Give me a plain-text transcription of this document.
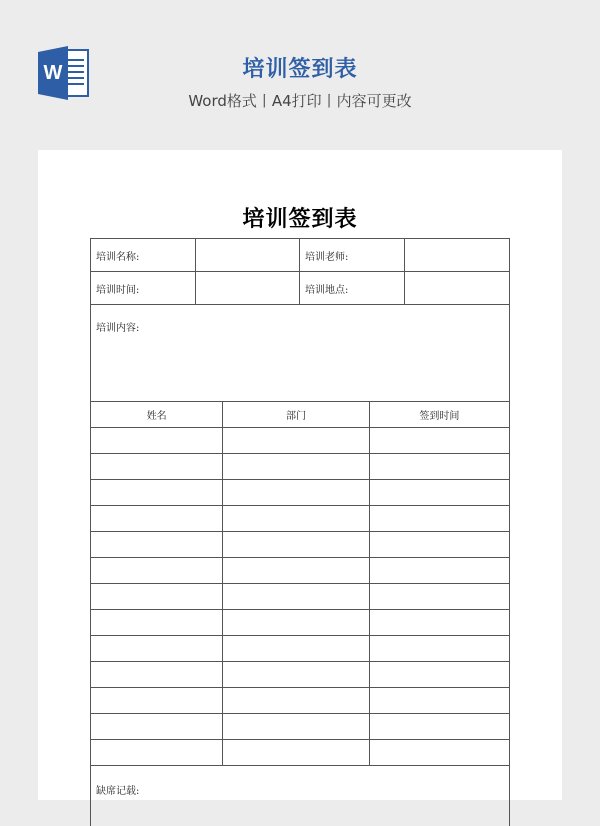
W	培训签到表
Word格式丨A4打印丨内容可更改
培训签到表
培训名称:	培训老师:
培训时间:	培训地点:
培训内容:
姓名	部门	签到时间
缺席记载:
